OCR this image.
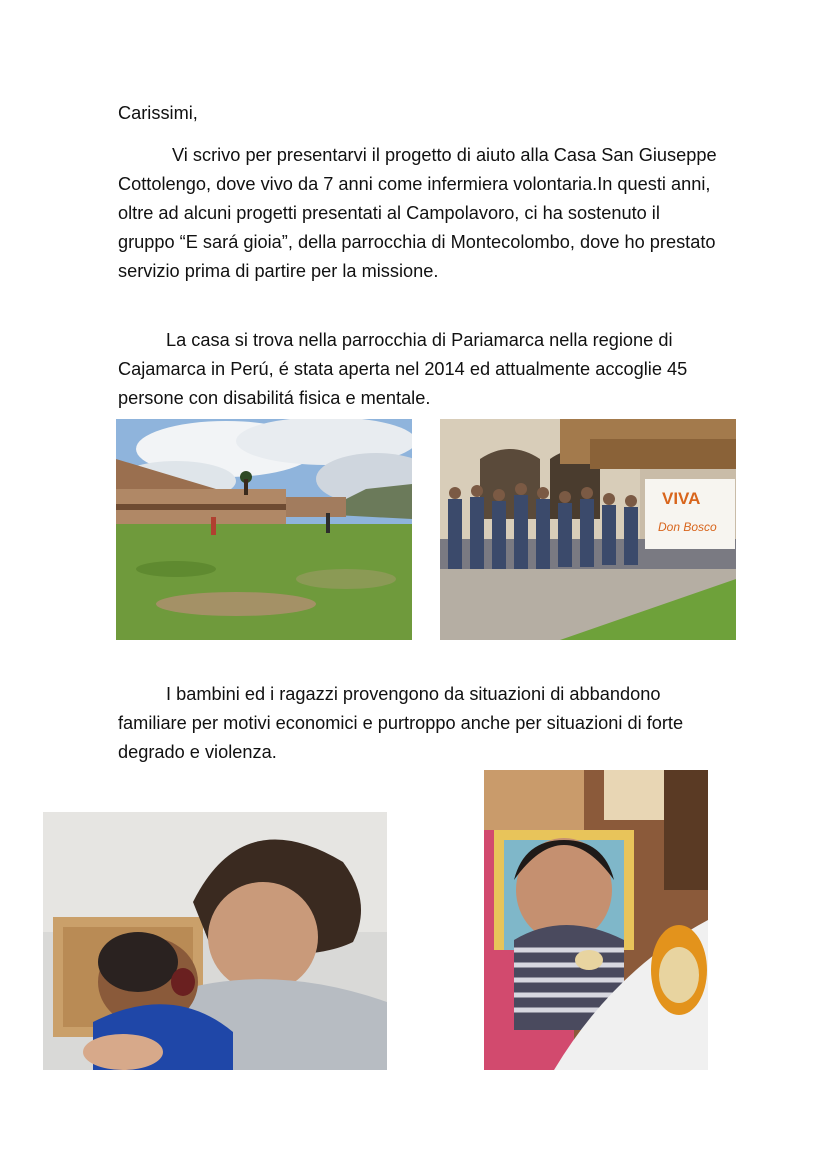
Carissimi,

Vi scrivo per presentarvi il progetto di aiuto alla Casa San Giuseppe Cottolengo, dove vivo da 7 anni come infermiera volontaria.In questi anni, oltre ad alcuni progetti presentati al Campolavoro, ci ha sostenuto il gruppo “E sará gioia”, della parrocchia di Montecolombo, dove ho prestato servizio prima di partire per la missione.

La casa si trova nella parrocchia di Pariamarca nella regione di Cajamarca in Perú, é stata aperta nel 2014 ed attualmente accoglie 45 persone con disabilitá fisica e mentale.

VIVA
Don Bosco

I bambini ed i ragazzi provengono da situazioni di abbandono familiare per motivi economici e purtroppo anche per situazioni di forte degrado e violenza.
